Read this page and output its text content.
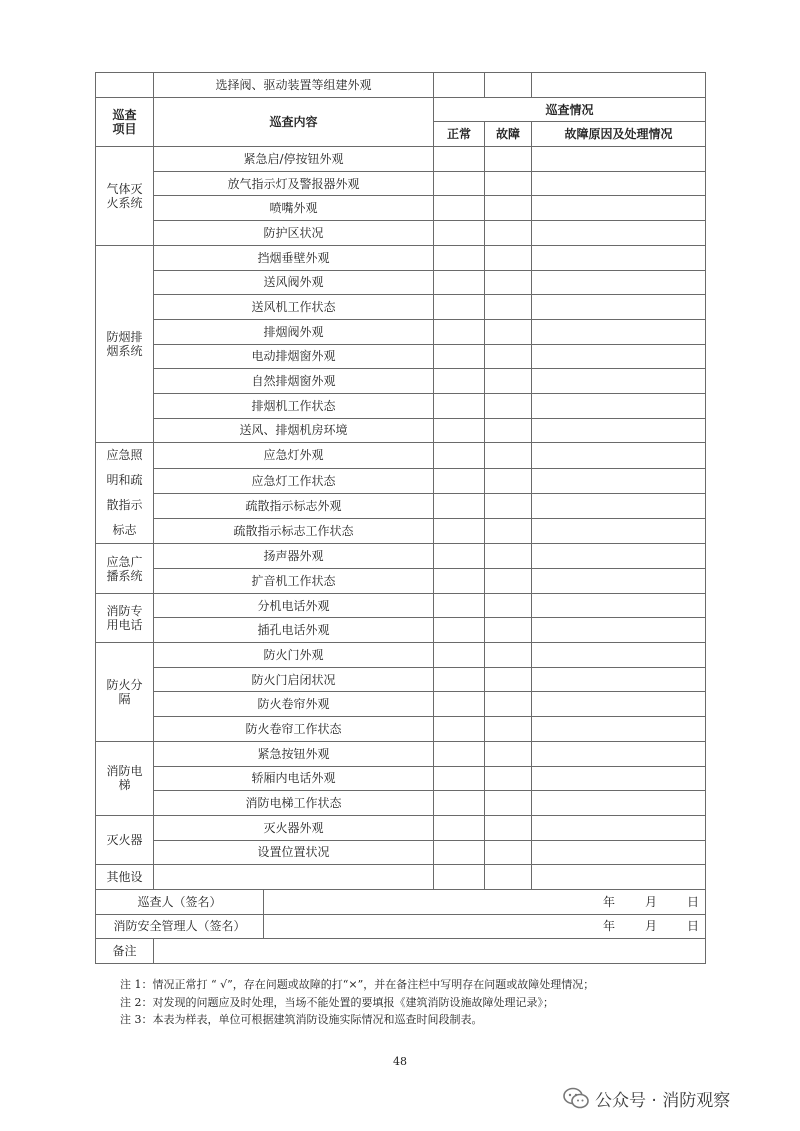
	选择阀、驱动装置等组建外观				

巡查
项目	巡查内容		巡查情况		
			正常	故障	故障原因及处理情况

气体灭
火系统	紧急启/停按钮外观				
	放气指示灯及警报器外观				
	喷嘴外观				
	防护区状况				

防烟排
烟系统	挡烟垂壁外观				
	送风阀外观				
	送风机工作状态				
	排烟阀外观				
	电动排烟窗外观				
	自然排烟窗外观				
	排烟机工作状态				
	送风、排烟机房环境				

应急照
明和疏
散指示
标志	应急灯外观				
	应急灯工作状态				
	疏散指示标志外观				
	疏散指示标志工作状态				

应急广
播系统	扬声器外观				
	扩音机工作状态				

消防专
用电话	分机电话外观				
	插孔电话外观				

防火分
隔	防火门外观				
	防火门启闭状况				
	防火卷帘外观				
	防火卷帘工作状态				

消防电
梯	紧急按钮外观				
	轿厢内电话外观				
	消防电梯工作状态				

灭火器	灭火器外观				
	设置位置状况				

其他设					

巡查人（签名）		年 月 日			
消防安全管理人（签名）		年 月 日			
备注					
注 1：情况正常打 “ √”，存在问题或故障的打“×”，并在备注栏中写明存在问题或故障处理情况；
注 2：对发现的问题应及时处理，当场不能处置的要填报《建筑消防设施故障处理记录》；
注 3：本表为样表，单位可根据建筑消防设施实际情况和巡查时间段制表。
48
公众号 · 消防观察
